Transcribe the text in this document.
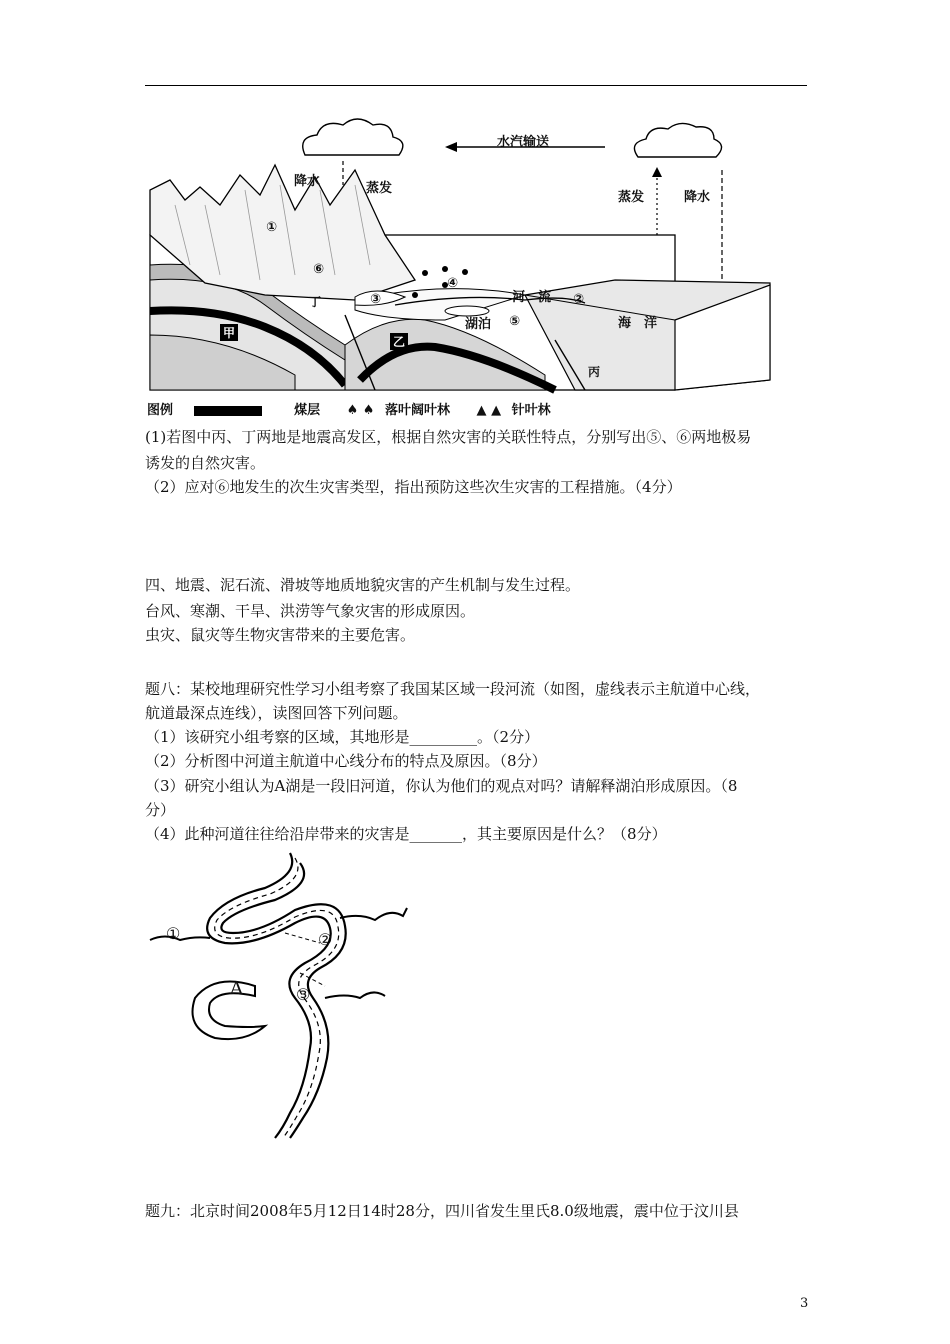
水汽输送
降水	蒸发
蒸发	降水
河　流
湖泊	海　洋
甲
乙
丙
丁
①
②
③
④
⑤
⑥
图例	煤层 ♠ ♠ 落叶阔叶林 ▲ ▲ 针叶林
(1)若图中丙、丁两地是地震高发区，根据自然灾害的关联性特点，分别写出⑤、⑥两地极易
诱发的自然灾害。
（2）应对⑥地发生的次生灾害类型，指出预防这些次生灾害的工程措施。（4分）
四、地震、泥石流、滑坡等地质地貌灾害的产生机制与发生过程。
台风、寒潮、干旱、洪涝等气象灾害的形成原因。
虫灾、鼠灾等生物灾害带来的主要危害。
题八：某校地理研究性学习小组考察了我国某区域一段河流（如图，虚线表示主航道中心线，
航道最深点连线），读图回答下列问题。
（1）该研究小组考察的区域，其地形是_________。（2分）
（2）分析图中河道主航道中心线分布的特点及原因。（8分）
（3）研究小组认为A湖是一段旧河道，你认为他们的观点对吗？请解释湖泊形成原因。（8
分）
（4）此种河道往往给沿岸带来的灾害是_______，其主要原因是什么？（8分）
①	②
③
A
题九：北京时间2008年5月12日14时28分，四川省发生里氏8.0级地震，震中位于汶川县
3
